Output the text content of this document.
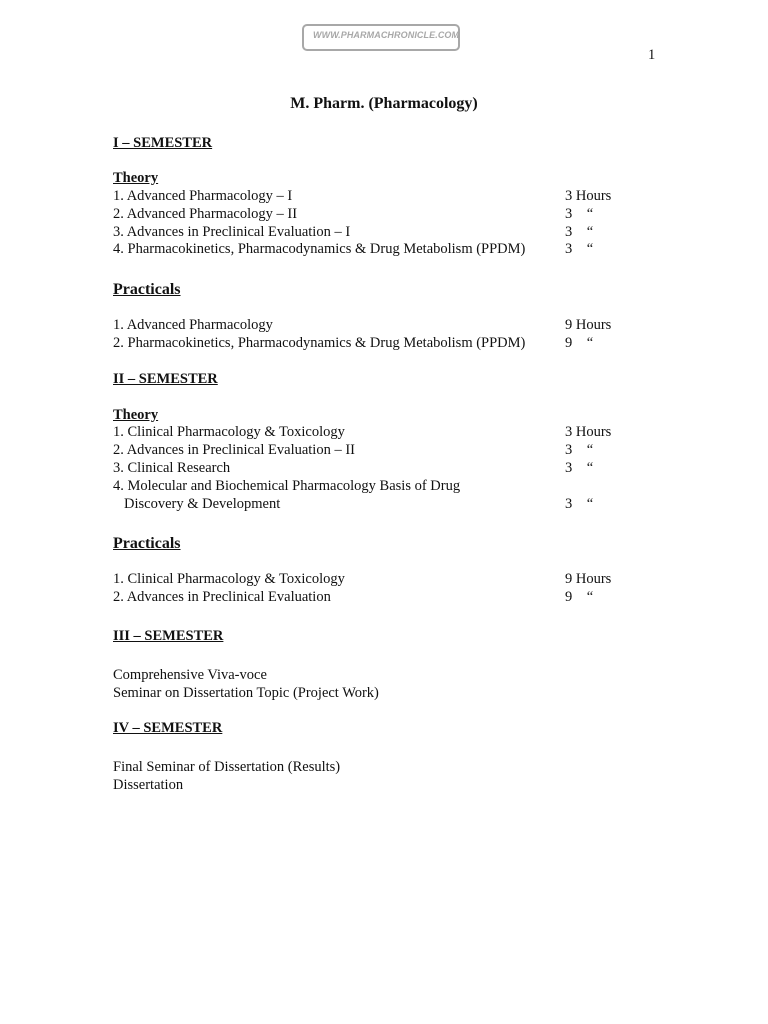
WWW.PHARMACHRONICLE.COM
1
M. Pharm. (Pharmacology)
I – SEMESTER
Theory
1. Advanced Pharmacology – I	3 Hours
2. Advanced Pharmacology – II	3    “
3. Advances in Preclinical Evaluation – I	3    “
4. Pharmacokinetics, Pharmacodynamics & Drug Metabolism (PPDM)	3    “
Practicals
1. Advanced Pharmacology	9 Hours
2. Pharmacokinetics, Pharmacodynamics & Drug Metabolism (PPDM)	9    “
II – SEMESTER
Theory
1. Clinical Pharmacology & Toxicology	3 Hours
2. Advances in Preclinical Evaluation – II	3    “
3. Clinical Research	3    “
4. Molecular and Biochemical Pharmacology Basis of Drug
Discovery & Development	3    “
Practicals
1. Clinical Pharmacology & Toxicology	9 Hours
2. Advances in Preclinical Evaluation	9    “
III – SEMESTER
Comprehensive Viva-voce
Seminar on Dissertation Topic (Project Work)
IV – SEMESTER
Final Seminar of Dissertation (Results)
Dissertation
